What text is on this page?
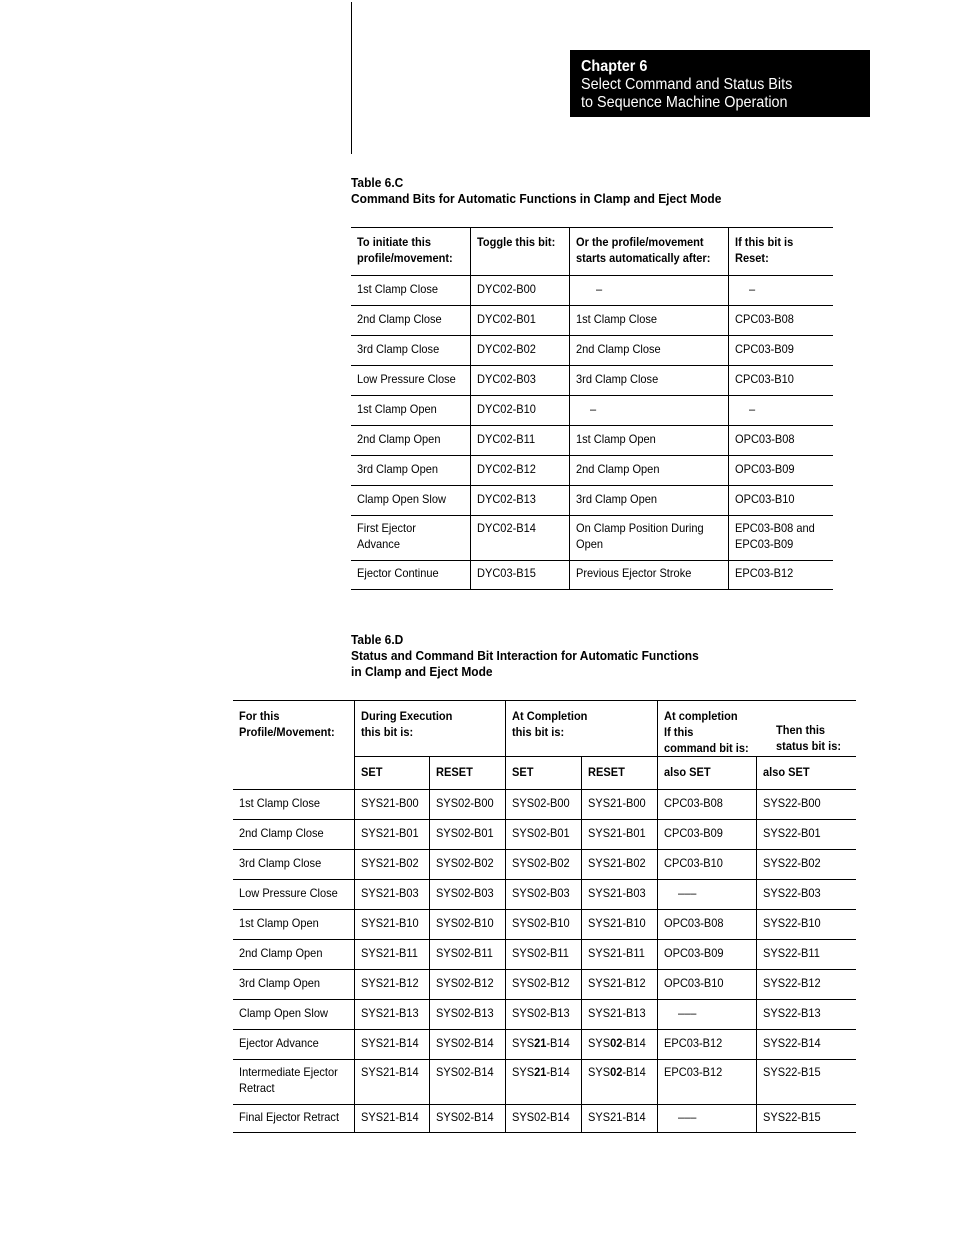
Chapter 6
Select Command and Status Bits
to Sequence Machine Operation
Table 6.C
Command Bits for Automatic Functions in Clamp and Eject Mode
To initiate this
profile/movement:	Toggle this bit:	Or the profile/movement
starts automatically after:	If this bit is
Reset:
1st Clamp Close	DYC02-B00	–	–
2nd Clamp Close	DYC02-B01	1st Clamp Close	CPC03-B08
3rd Clamp Close	DYC02-B02	2nd Clamp Close	CPC03-B09
Low Pressure Close	DYC02-B03	3rd Clamp Close	CPC03-B10
1st Clamp Open	DYC02-B10	–	–
2nd Clamp Open	DYC02-B11	1st Clamp Open	OPC03-B08
3rd Clamp Open	DYC02-B12	2nd Clamp Open	OPC03-B09
Clamp Open Slow	DYC02-B13	3rd Clamp Open	OPC03-B10
First Ejector
Advance	DYC02-B14	On Clamp Position During
Open	EPC03-B08 and
EPC03-B09
Ejector Continue	DYC03-B15	Previous Ejector Stroke	EPC03-B12
Table 6.D
Status and Command Bit Interaction for Automatic Functions
in Clamp and Eject Mode
For this
Profile/Movement:	During Execution
this bit is:		At Completion
this bit is:		At completion
If this
command bit is:
Then this
status bit is:	

	SET	RESET	SET	RESET	also SET	also SET
1st Clamp Close	SYS21-B00	SYS02-B00	SYS02-B00	SYS21-B00	CPC03-B08	SYS22-B00
2nd Clamp Close	SYS21-B01	SYS02-B01	SYS02-B01	SYS21-B01	CPC03-B09	SYS22-B01
3rd Clamp Close	SYS21-B02	SYS02-B02	SYS02-B02	SYS21-B02	CPC03-B10	SYS22-B02
Low Pressure Close	SYS21-B03	SYS02-B03	SYS02-B03	SYS21-B03	–––	SYS22-B03
1st Clamp Open	SYS21-B10	SYS02-B10	SYS02-B10	SYS21-B10	OPC03-B08	SYS22-B10
2nd Clamp Open	SYS21-B11	SYS02-B11	SYS02-B11	SYS21-B11	OPC03-B09	SYS22-B11
3rd Clamp Open	SYS21-B12	SYS02-B12	SYS02-B12	SYS21-B12	OPC03-B10	SYS22-B12
Clamp Open Slow	SYS21-B13	SYS02-B13	SYS02-B13	SYS21-B13	–––	SYS22-B13
Ejector Advance	SYS21-B14	SYS02-B14	SYS21-B14	SYS02-B14	EPC03-B12	SYS22-B14
Intermediate Ejector
Retract	SYS21-B14	SYS02-B14	SYS21-B14	SYS02-B14	EPC03-B12	SYS22-B15
Final Ejector Retract	SYS21-B14	SYS02-B14	SYS02-B14	SYS21-B14	–––	SYS22-B15
